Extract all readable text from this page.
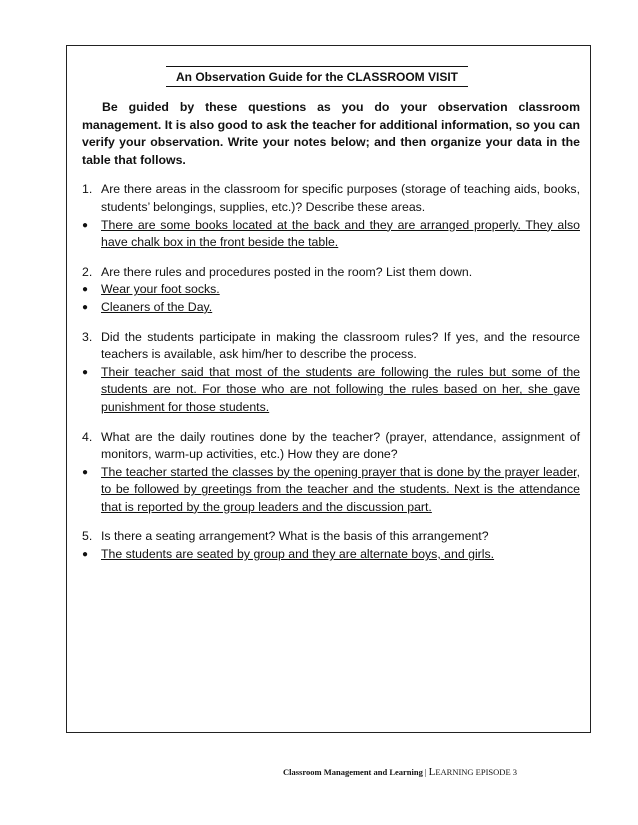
An Observation Guide for the CLASSROOM VISIT

Be guided by these questions as you do your observation classroom management. It is also good to ask the teacher for additional information, so you can verify your observation. Write your notes below; and then organize your data in the table that follows.

1. Are there areas in the classroom for specific purposes (storage of teaching aids, books, students’ belongings, supplies, etc.)? Describe these areas.
●	There are some books located at the back and they are arranged properly. They also have chalk box in the front beside the table.
2. Are there rules and procedures posted in the room? List them down.
●	Wear your foot socks.
●	Cleaners of the Day.
3. Did the students participate in making the classroom rules? If yes, and the resource teachers is available, ask him/her to describe the process.
●	Their teacher said that most of the students are following the rules but some of the students are not. For those who are not following the rules based on her, she gave punishment for those students.
4. What are the daily routines done by the teacher? (prayer, attendance, assignment of monitors, warm-up activities, etc.) How they are done?
●	The teacher started the classes by the opening prayer that is done by the prayer leader, to be followed by greetings from the teacher and the students. Next is the attendance that is reported by the group leaders and the discussion part.
5. Is there a seating arrangement? What is the basis of this arrangement?
●	The students are seated by group and they are alternate boys, and girls.
Classroom Management and Learning | LEARNING EPISODE 3
